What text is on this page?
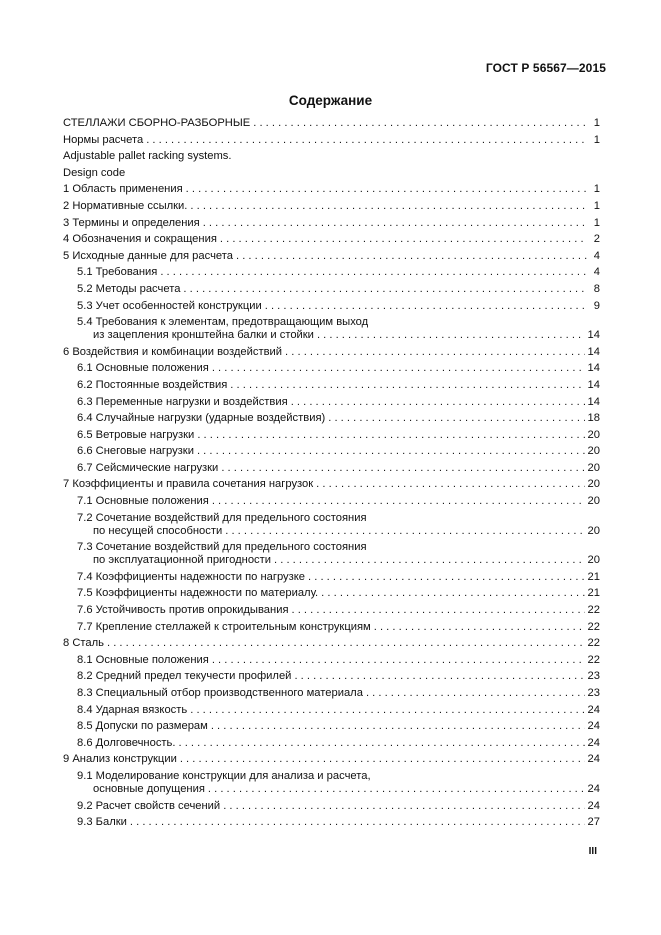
ГОСТ Р 56567—2015
Содержание
СТЕЛЛАЖИ СБОРНО-РАЗБОРНЫЕ . . .	1
Нормы расчета . . .	1
Adjustable pallet racking systems.
Design code
1 Область применения . . .	1
2 Нормативные ссылки. . . .	1
3 Термины и определения . . .	1
4 Обозначения и сокращения . . .	2
5 Исходные данные для расчета . . .	4
5.1 Требования . . .	4
5.2 Методы расчета . . .	8
5.3 Учет особенностей конструкции . . .	9
5.4 Требования к элементам, предотвращающим выход
из зацепления кронштейна балки и стойки . . .	14
6 Воздействия и комбинации воздействий . . .	14
6.1 Основные положения . . .	14
6.2 Постоянные воздействия . . .	14
6.3 Переменные нагрузки и воздействия . . .	14
6.4 Случайные нагрузки (ударные воздействия) . . .	18
6.5 Ветровые нагрузки . . .	20
6.6 Снеговые нагрузки . . .	20
6.7 Сейсмические нагрузки . . .	20
7 Коэффициенты и правила сочетания нагрузок . . .	20
7.1 Основные положения . . .	20
7.2 Сочетание воздействий для предельного состояния
по несущей способности . . .	20
7.3 Сочетание воздействий для предельного состояния
по эксплуатационной пригодности . . .	20
7.4 Коэффициенты надежности по нагрузке . . .	21
7.5 Коэффициенты надежности по материалу. . . .	21
7.6 Устойчивость против опрокидывания . . .	22
7.7 Крепление стеллажей к строительным конструкциям . . .	22
8 Сталь . . .	22
8.1 Основные положения . . .	22
8.2 Средний предел текучести профилей . . .	23
8.3 Специальный отбор производственного материала . . .	23
8.4 Ударная вязкость . . .	24
8.5 Допуски по размерам . . .	24
8.6 Долговечность. . . .	24
9 Анализ конструкции . . .	24
9.1 Моделирование конструкции для анализа и расчета,
основные допущения . . .	24
9.2 Расчет свойств сечений . . .	24
9.3 Балки . . .	27
III
